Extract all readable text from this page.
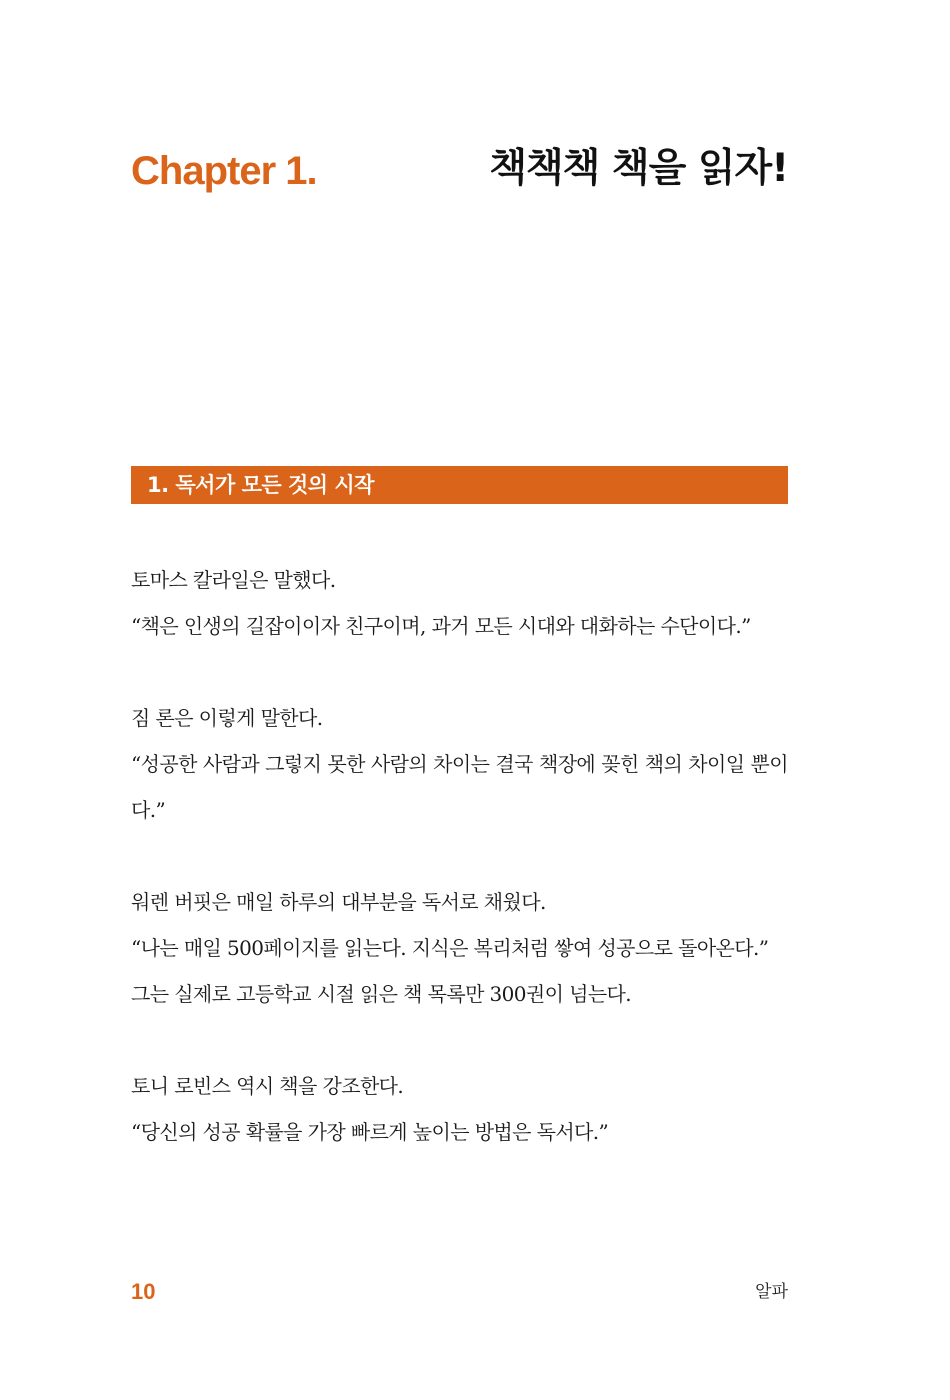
Chapter 1.	책책책 책을 읽자!
1. 독서가 모든 것의 시작

토마스 칼라일은 말했다.

“책은 인생의 길잡이이자 친구이며, 과거 모든 시대와 대화하는 수단이다.”

짐 론은 이렇게 말한다.

“성공한 사람과 그렇지 못한 사람의 차이는 결국 책장에 꽂힌 책의 차이일 뿐이다.”

워렌 버핏은 매일 하루의 대부분을 독서로 채웠다.

“나는 매일 500페이지를 읽는다. 지식은 복리처럼 쌓여 성공으로 돌아온다.”

그는 실제로 고등학교 시절 읽은 책 목록만 300권이 넘는다.

토니 로빈스 역시 책을 강조한다.

“당신의 성공 확률을 가장 빠르게 높이는 방법은 독서다.”

10	알파
